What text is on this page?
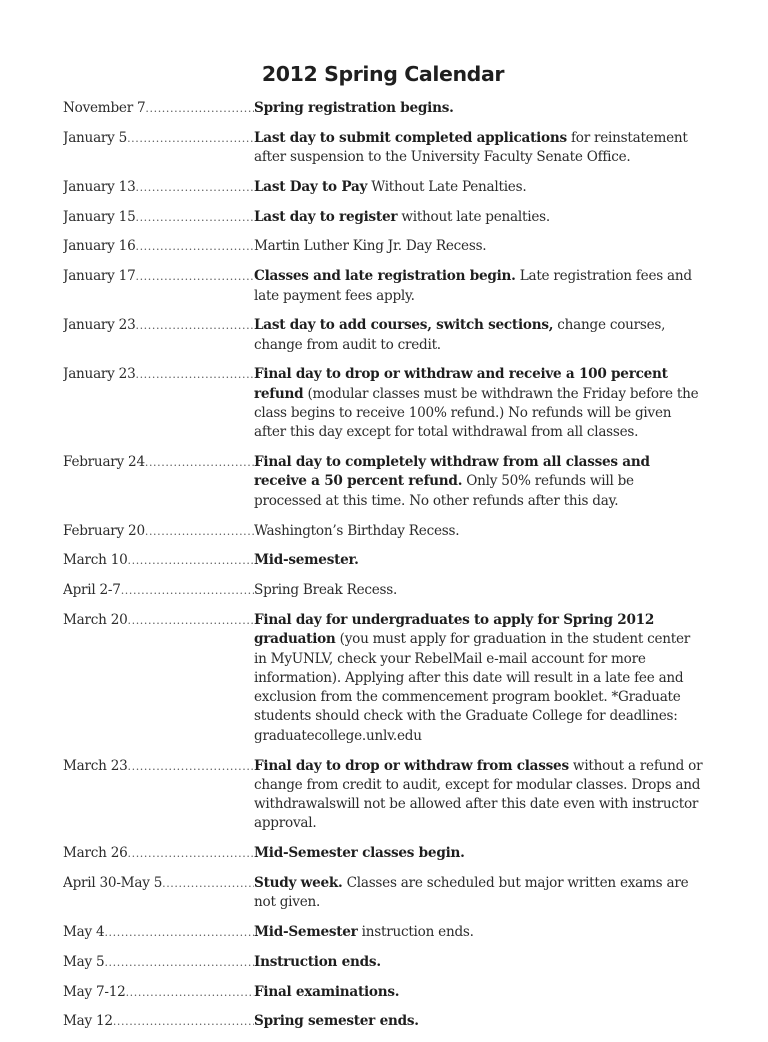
2012 Spring Calendar
November 7 .....	Spring registration begins.
January 5 .....	Last day to submit completed applications for reinstatement after suspension to the University Faculty Senate Office.
January 13 .....	Last Day to Pay Without Late Penalties.
January 15 .....	Last day to register without late penalties.
January 16 .....	Martin Luther King Jr. Day Recess.
January 17 .....	Classes and late registration begin. Late registration fees and late payment fees apply.
January 23 .....	Last day to add courses, switch sections, change courses, change from audit to credit.
January 23 .....	Final day to drop or withdraw and receive a 100 percent refund (modular classes must be withdrawn the Friday before the class begins to receive 100% refund.) No refunds will be given after this day except for total withdrawal from all classes.
February 24 .....	Final day to completely withdraw from all classes and receive a 50 percent refund. Only 50% refunds will be processed at this time. No other refunds after this day.
February 20 .....	Washington’s Birthday Recess.
March 10 .....	Mid-semester.
April 2-7 .....	Spring Break Recess.
March 20 .....	Final day for undergraduates to apply for Spring 2012 graduation (you must apply for graduation in the student center in MyUNLV, check your RebelMail e-mail account for more information). Applying after this date will result in a late fee and exclusion from the commencement program booklet. *Graduate students should check with the Graduate College for deadlines: graduatecollege.unlv.edu
March 23 .....	Final day to drop or withdraw from classes without a refund or change from credit to audit, except for modular classes. Drops and withdrawalswill not be allowed after this date even with instructor approval.
March 26 .....	Mid-Semester classes begin.
April 30-May 5 .....	Study week. Classes are scheduled but major written exams are not given.
May 4 .....	Mid-Semester instruction ends.
May 5 .....	Instruction ends.
May 7-12 .....	Final examinations.
May 12 .....	Spring semester ends.
